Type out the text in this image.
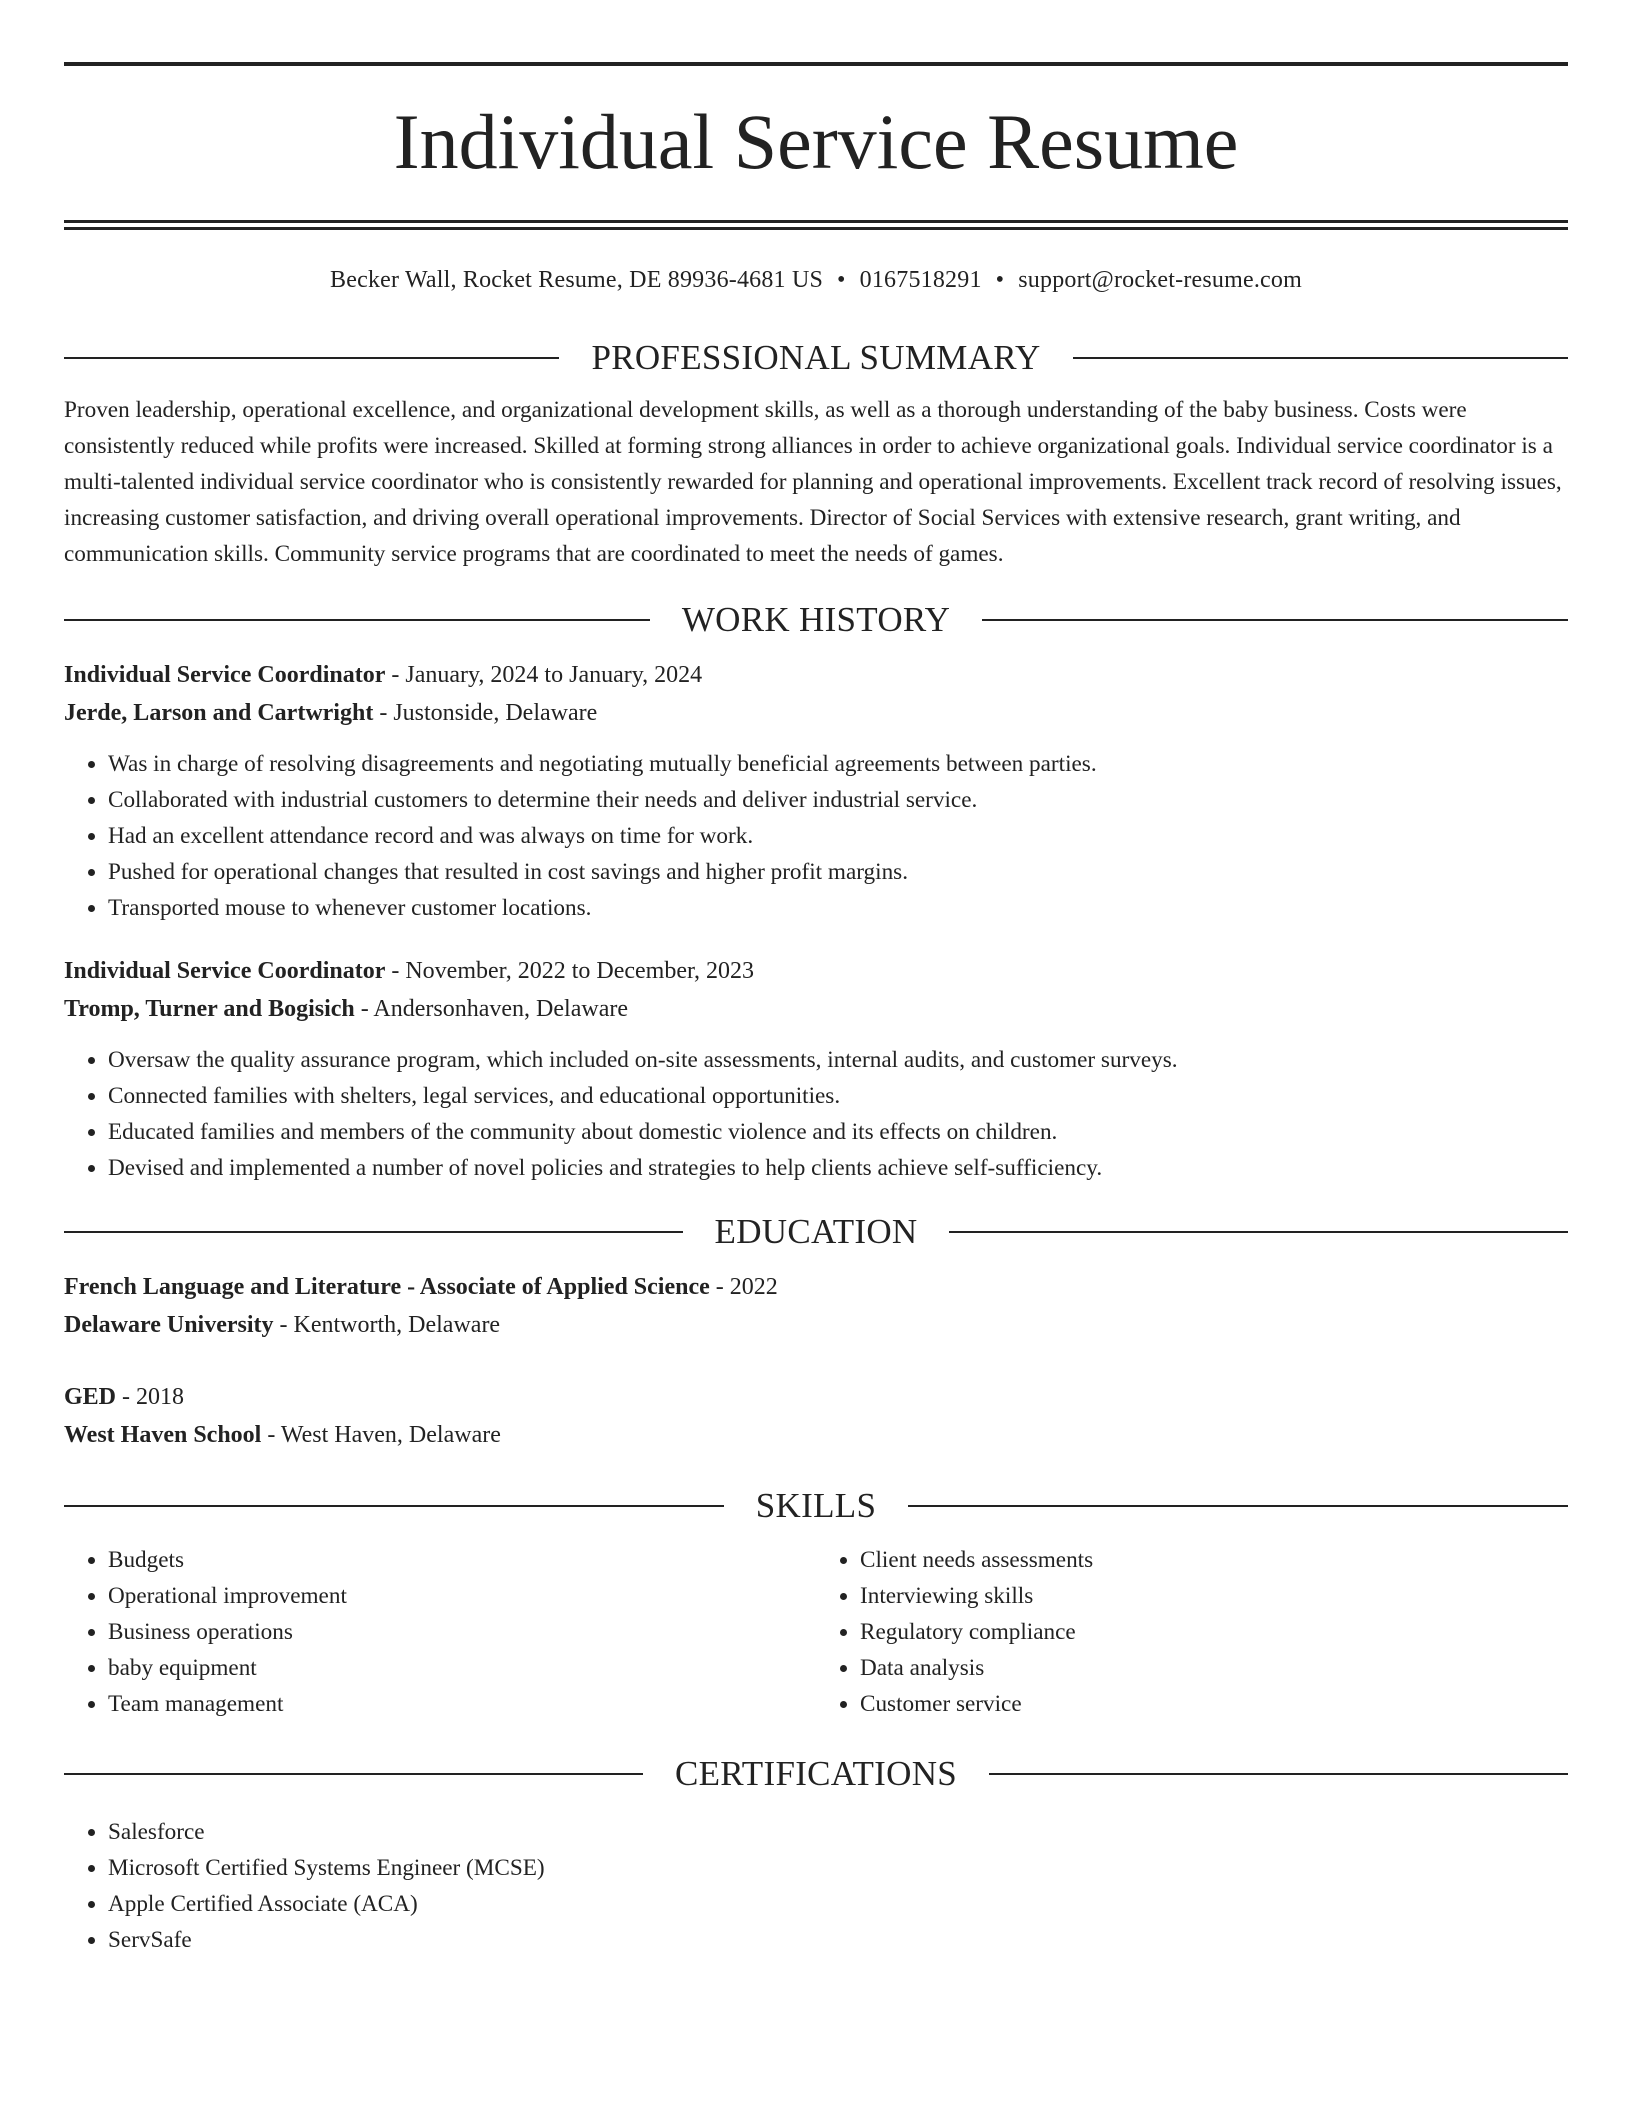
Individual Service Resume
Becker Wall, Rocket Resume, DE 89936-4681 US • 0167518291 • support@rocket-resume.com
PROFESSIONAL SUMMARY
Proven leadership, operational excellence, and organizational development skills, as well as a thorough understanding of the baby business. Costs were consistently reduced while profits were increased. Skilled at forming strong alliances in order to achieve organizational goals. Individual service coordinator is a multi-talented individual service coordinator who is consistently rewarded for planning and operational improvements. Excellent track record of resolving issues, increasing customer satisfaction, and driving overall operational improvements. Director of Social Services with extensive research, grant writing, and communication skills. Community service programs that are coordinated to meet the needs of games.
WORK HISTORY
Individual Service Coordinator - January, 2024 to January, 2024
Jerde, Larson and Cartwright - Justonside, Delaware
• Was in charge of resolving disagreements and negotiating mutually beneficial agreements between parties.
• Collaborated with industrial customers to determine their needs and deliver industrial service.
• Had an excellent attendance record and was always on time for work.
• Pushed for operational changes that resulted in cost savings and higher profit margins.
• Transported mouse to whenever customer locations.
Individual Service Coordinator - November, 2022 to December, 2023
Tromp, Turner and Bogisich - Andersonhaven, Delaware
• Oversaw the quality assurance program, which included on-site assessments, internal audits, and customer surveys.
• Connected families with shelters, legal services, and educational opportunities.
• Educated families and members of the community about domestic violence and its effects on children.
• Devised and implemented a number of novel policies and strategies to help clients achieve self-sufficiency.
EDUCATION
French Language and Literature - Associate of Applied Science - 2022
Delaware University - Kentworth, Delaware
GED - 2018
West Haven School - West Haven, Delaware
SKILLS
• Budgets
• Operational improvement
• Business operations
• baby equipment
• Team management
• Client needs assessments
• Interviewing skills
• Regulatory compliance
• Data analysis
• Customer service
CERTIFICATIONS
• Salesforce
• Microsoft Certified Systems Engineer (MCSE)
• Apple Certified Associate (ACA)
• ServSafe
